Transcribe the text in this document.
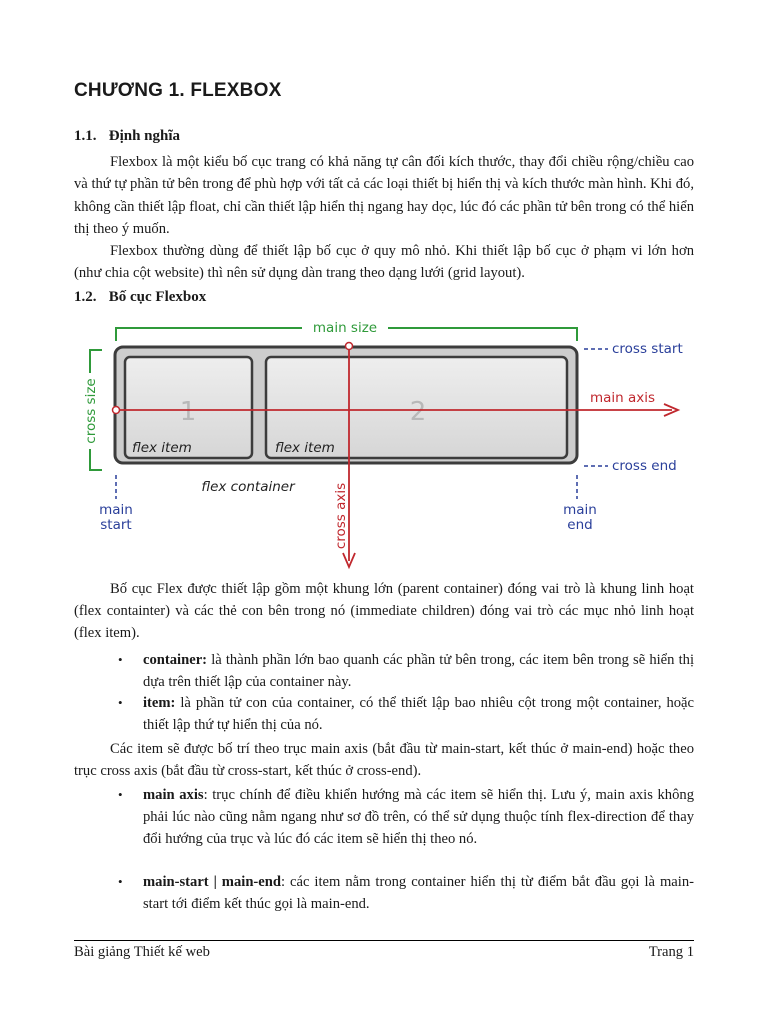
CHƯƠNG 1. FLEXBOX
1.1. Định nghĩa

Flexbox là một kiểu bố cục trang có khả năng tự cân đối kích thước, thay đổi chiều rộng/chiều cao và thứ tự phần tử bên trong để phù hợp với tất cả các loại thiết bị hiển thị và kích thước màn hình. Khi đó, không cần thiết lập float, chỉ cần thiết lập hiển thị ngang hay dọc, lúc đó các phần tử bên trong có thể hiển thị theo ý muốn.

Flexbox thường dùng để thiết lập bố cục ở quy mô nhỏ. Khi thiết lập bố cục ở phạm vi lớn hơn (như chia cột website) thì nên sử dụng dàn trang theo dạng lưới (grid layout).

1.2. Bố cục Flexbox
main size
cross size	1
flex item
2
flex item
flex container
cross start
cross end
main
start
main
end
main axis
cross axis

Bố cục Flex được thiết lập gồm một khung lớn (parent container) đóng vai trò là khung linh hoạt (flex containter) và các thẻ con bên trong nó (immediate children) đóng vai trò các mục nhỏ linh hoạt (flex item).

• container: là thành phần lớn bao quanh các phần tử bên trong, các item bên trong sẽ hiển thị dựa trên thiết lập của container này.
• item: là phần tử con của container, có thể thiết lập bao nhiêu cột trong một container, hoặc thiết lập thứ tự hiển thị của nó.

Các item sẽ được bố trí theo trục main axis (bắt đầu từ main-start, kết thúc ở main-end) hoặc theo trục cross axis (bắt đầu từ cross-start, kết thúc ở cross-end).

• main axis: trục chính để điều khiển hướng mà các item sẽ hiển thị. Lưu ý, main axis không phải lúc nào cũng nằm ngang như sơ đồ trên, có thể sử dụng thuộc tính flex-direction để thay đổi hướng của trục và lúc đó các item sẽ hiển thị theo nó.
• main-start | main-end: các item nằm trong container hiển thị từ điểm bắt đầu gọi là main-start tới điểm kết thúc gọi là main-end.
Bài giảng Thiết kế web	Trang 1
